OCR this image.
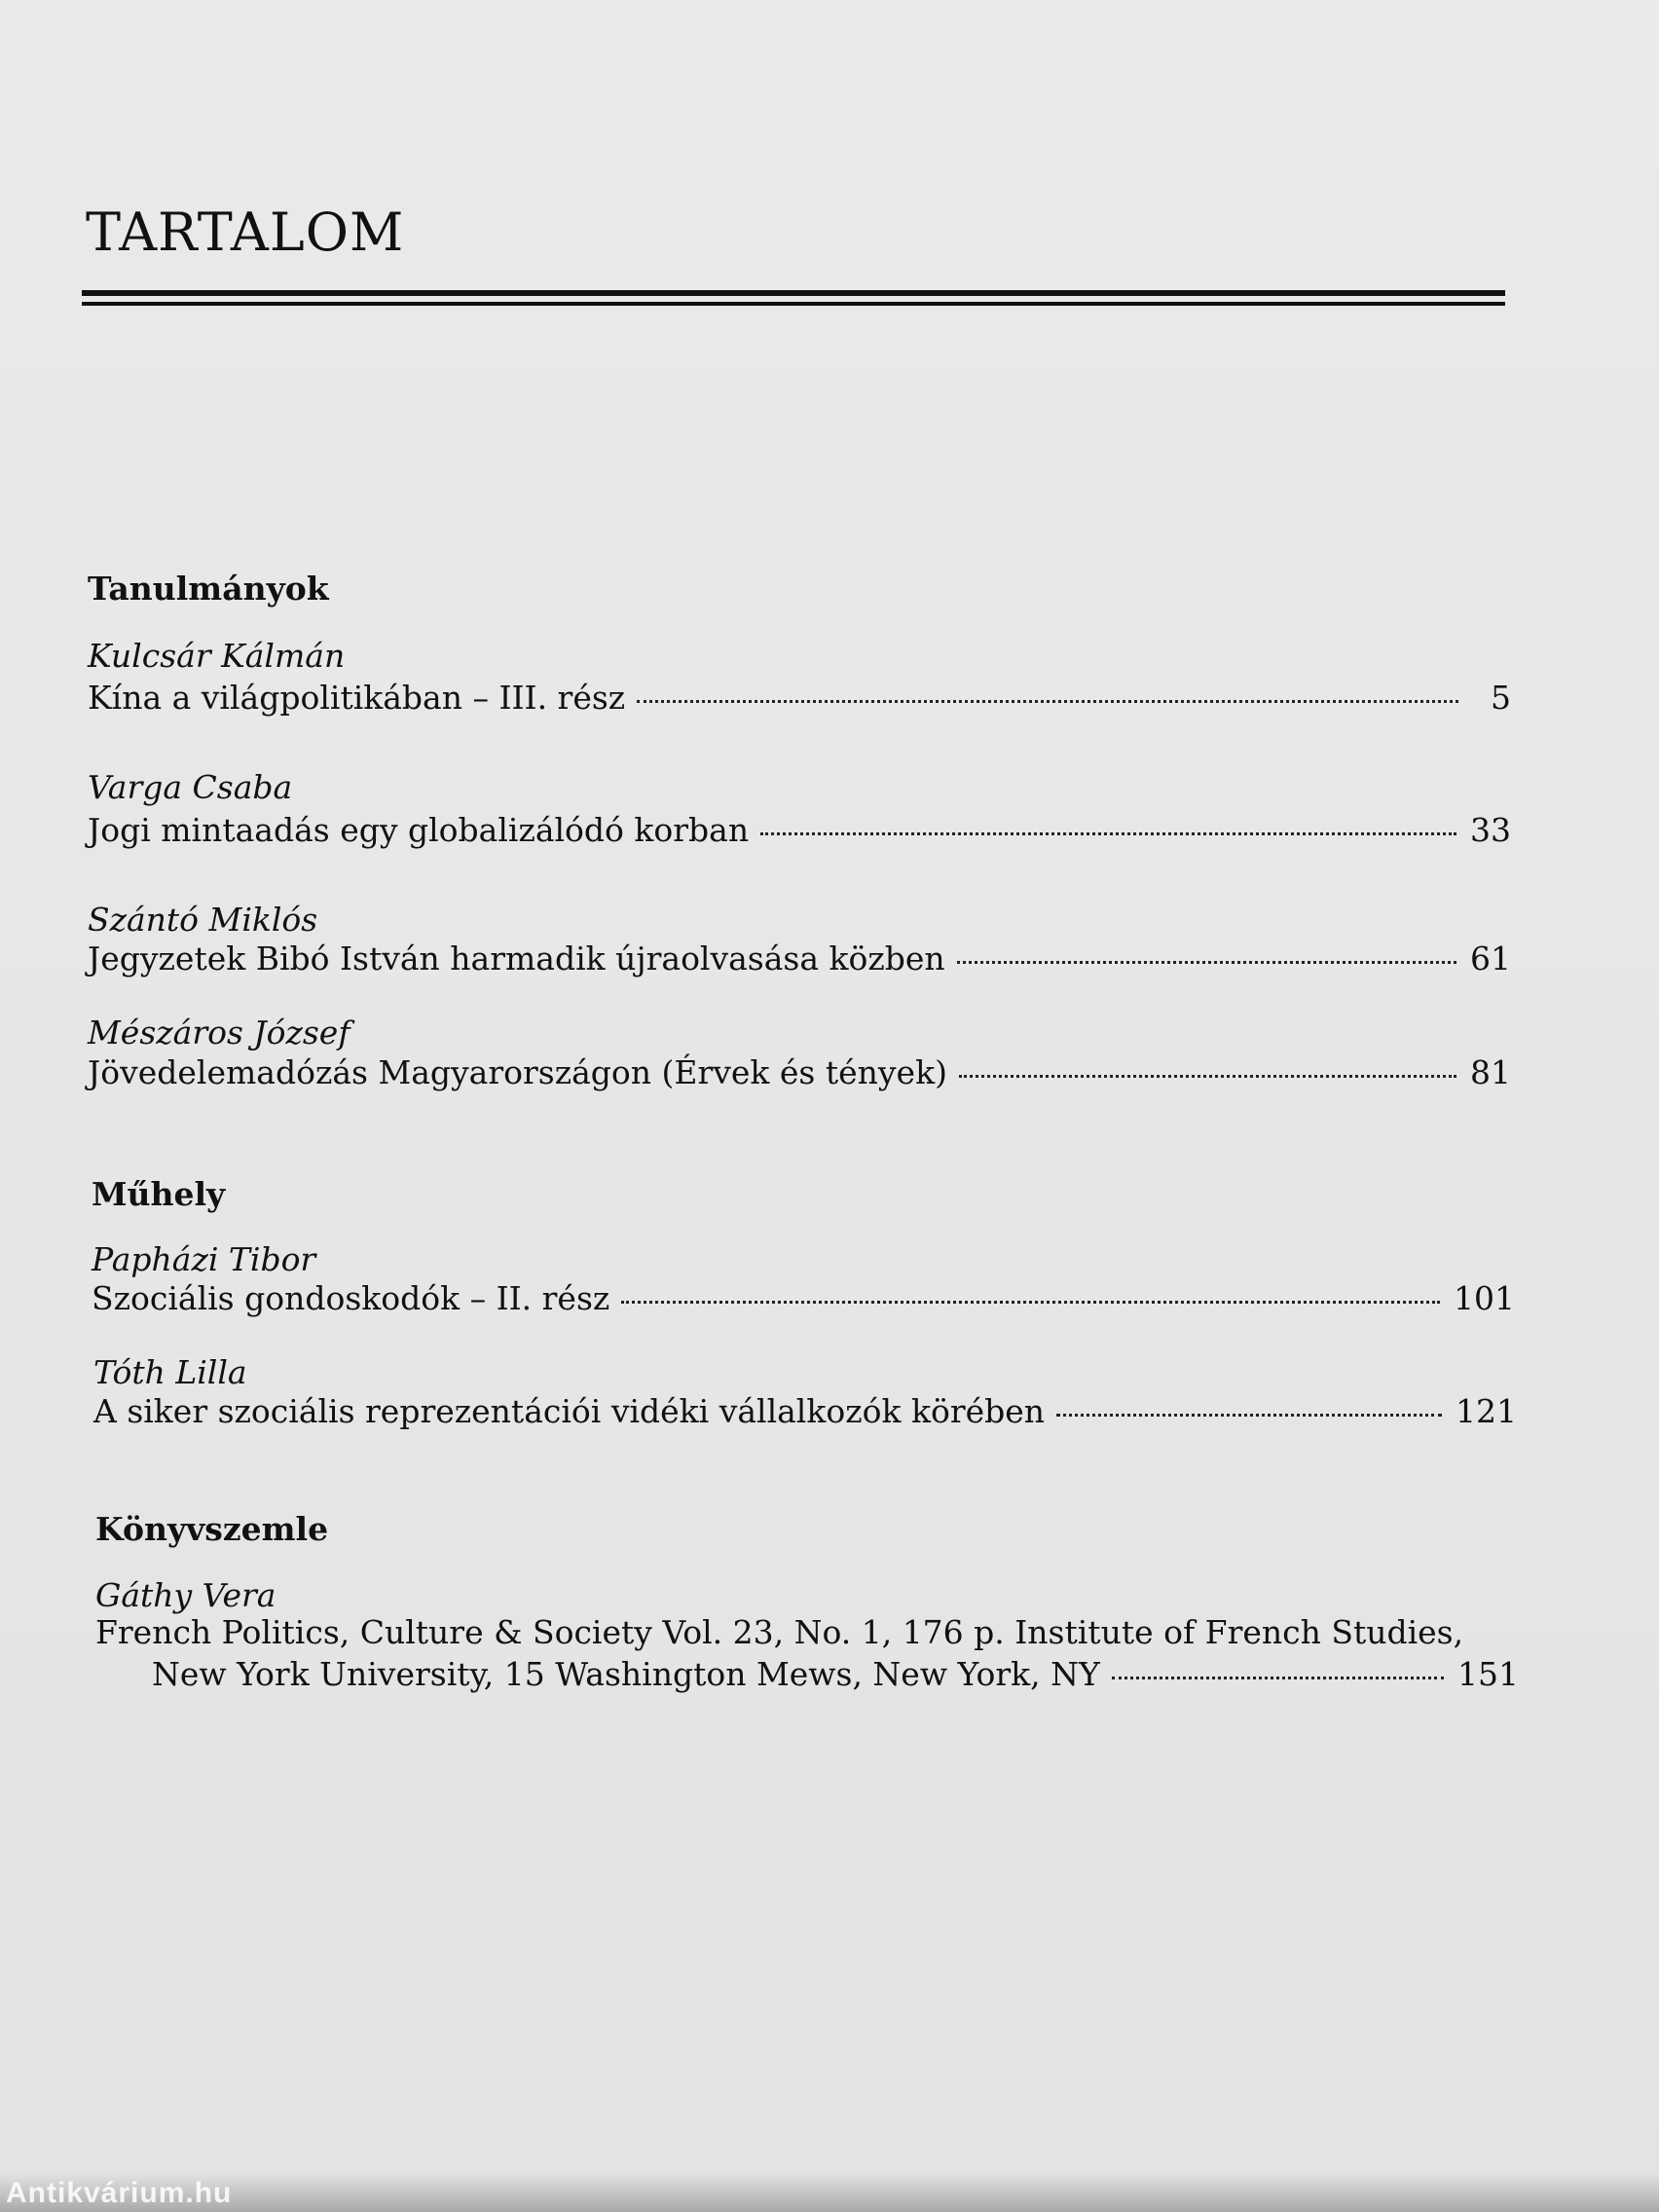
TARTALOM
Tanulmányok
Kulcsár Kálmán
Kína a világpolitikában – III. rész	5
Varga Csaba
Jogi mintaadás egy globalizálódó korban	33
Szántó Miklós
Jegyzetek Bibó István harmadik újraolvasása közben	61
Mészáros József
Jövedelemadózás Magyarországon (Érvek és tények)	81
Műhely
Papházi Tibor
Szociális gondoskodók – II. rész	101
Tóth Lilla
A siker szociális reprezentációi vidéki vállalkozók körében	121
Könyvszemle
Gáthy Vera
French Politics, Culture & Society Vol. 23, No. 1, 176 p. Institute of French Studies,
New York University, 15 Washington Mews, New York, NY	151
Antikvárium.hu
